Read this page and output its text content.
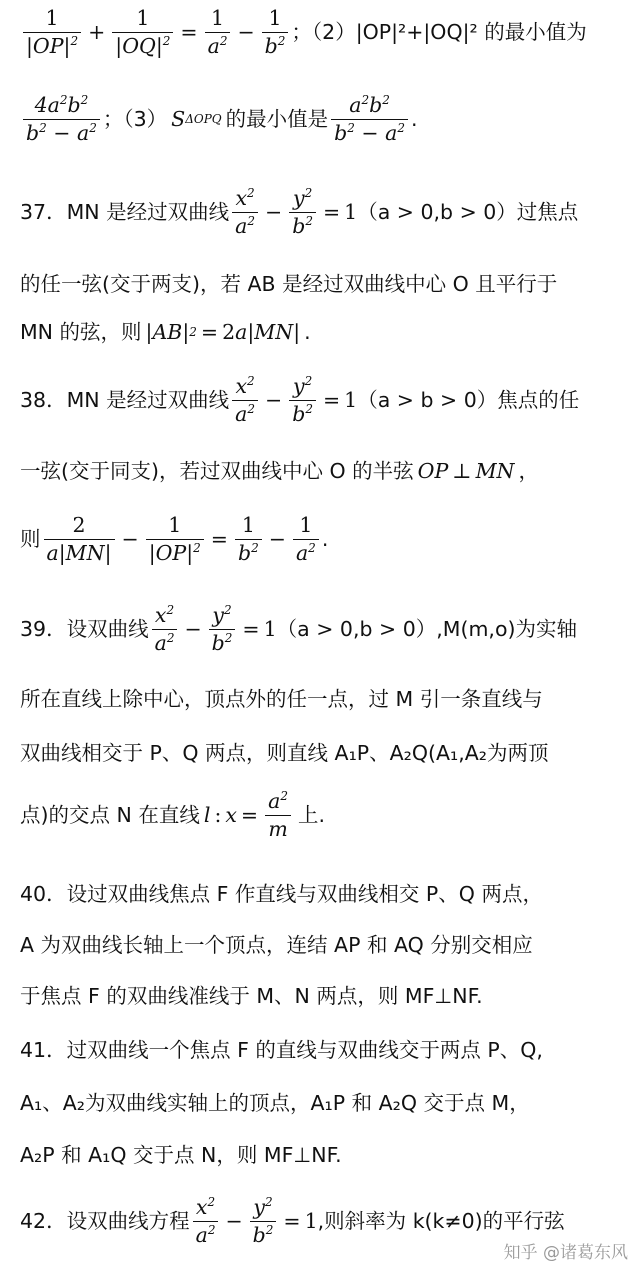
$\frac{1}{|OP|^2} + \frac{1}{|OQ|^2} = \frac{1}{a^2} - \frac{1}{b^2}$ ；（2）|OP|²+|OQ|² 的最小值为
$\frac{4a^2b^2}{b^2 - a^2}$ ；（3） S ΔOPQ 的最小值是 $\frac{a^2b^2}{b^2 - a^2}$ .
37 ．MN 是经过双曲线 $\frac{x^2}{a^2} - \frac{y^2}{b^2} = 1$ （a > 0,b > 0）过焦点
的任一弦(交于两支)，若 AB 是经过双曲线中心 O 且平行于
MN 的弦，则 | AB | 2 = 2 a | MN | .
38 ．MN 是经过双曲线 $\frac{x^2}{a^2} - \frac{y^2}{b^2} = 1$ （a > b > 0）焦点的任
一弦(交于同支)，若过双曲线中心 O 的半弦 OP ⊥ MN ，
则 $\frac{2}{a|MN|} - \frac{1}{|OP|^2} = \frac{1}{b^2} - \frac{1}{a^2}$ .
39 ．设双曲线 $\frac{x^2}{a^2} - \frac{y^2}{b^2} = 1$ （a > 0,b > 0）,M(m,o)为实轴
所在直线上除中心，顶点外的任一点，过 M 引一条直线与
双曲线相交于 P、Q 两点，则直线 A₁P、A₂Q(A₁,A₂为两顶
点)的交点 N 在直线 l : $x = \frac{a^2}{m}$ 上.
40 ．设过双曲线焦点 F 作直线与双曲线相交 P、Q 两点，
A 为双曲线长轴上一个顶点，连结 AP 和 AQ 分别交相应
于焦点 F 的双曲线准线于 M、N 两点，则 MF⊥NF.
41 ．过双曲线一个焦点 F 的直线与双曲线交于两点 P、Q,
A₁、A₂为双曲线实轴上的顶点，A₁P 和 A₂Q 交于点 M，
A₂P 和 A₁Q 交于点 N，则 MF⊥NF.
42 ．设双曲线方程 $\frac{x^2}{a^2} - \frac{y^2}{b^2} = 1$ ,则斜率为 k(k≠0)的平行弦
知乎 @诸葛东风
